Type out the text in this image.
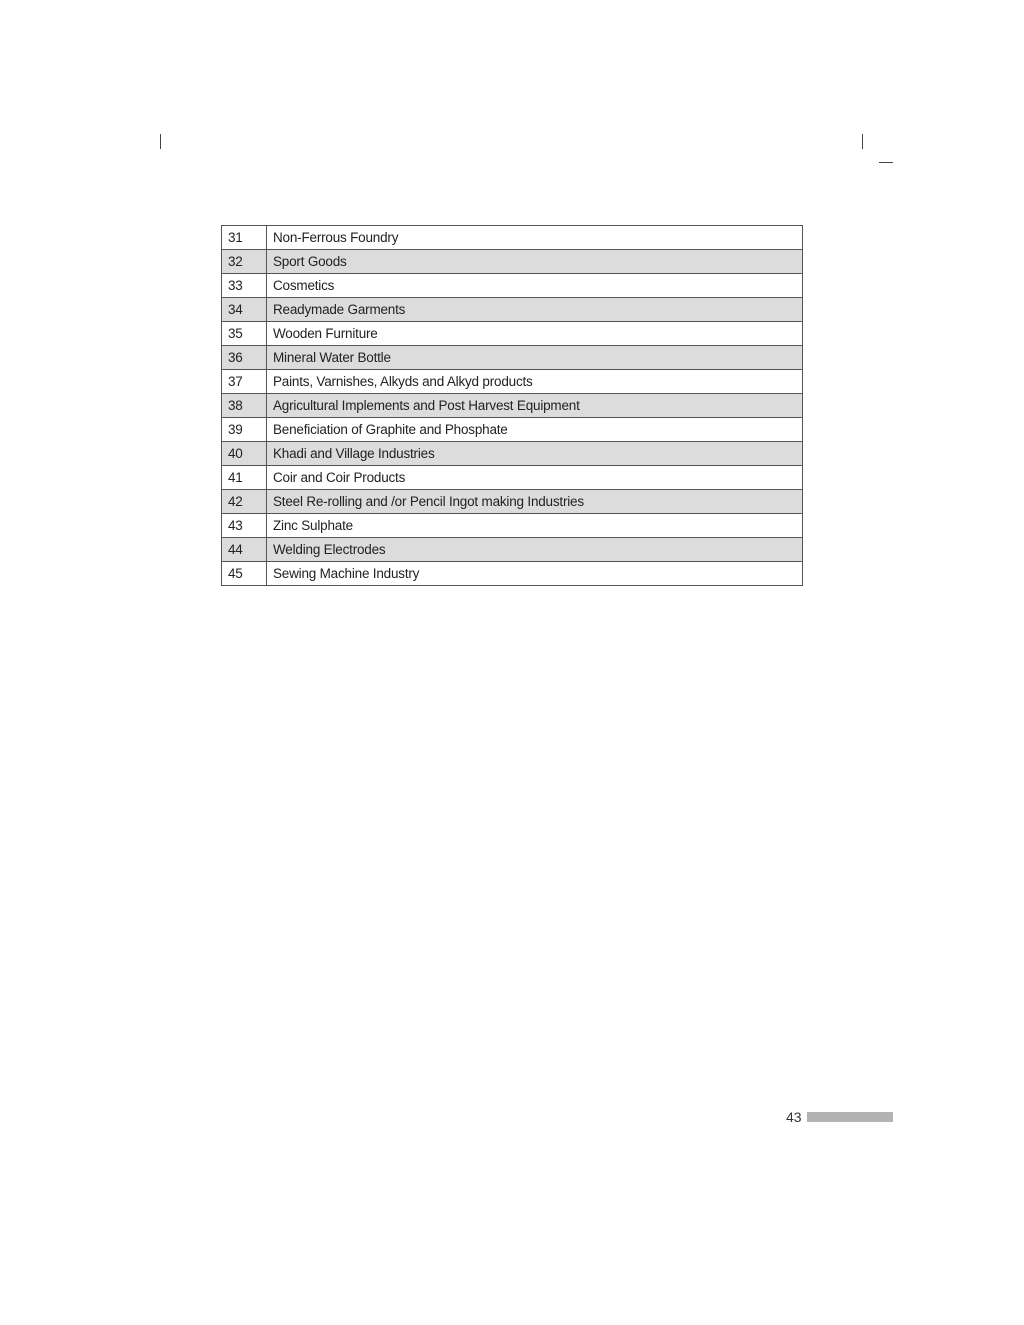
31	Non-Ferrous Foundry
32	Sport Goods
33	Cosmetics
34	Readymade Garments
35	Wooden Furniture
36	Mineral Water Bottle
37	Paints, Varnishes, Alkyds and Alkyd products
38	Agricultural Implements and Post Harvest Equipment
39	Beneficiation of Graphite and Phosphate
40	Khadi and Village Industries
41	Coir and Coir Products
42	Steel Re-rolling and /or Pencil Ingot making Industries
43	Zinc Sulphate
44	Welding Electrodes
45	Sewing Machine Industry
43
